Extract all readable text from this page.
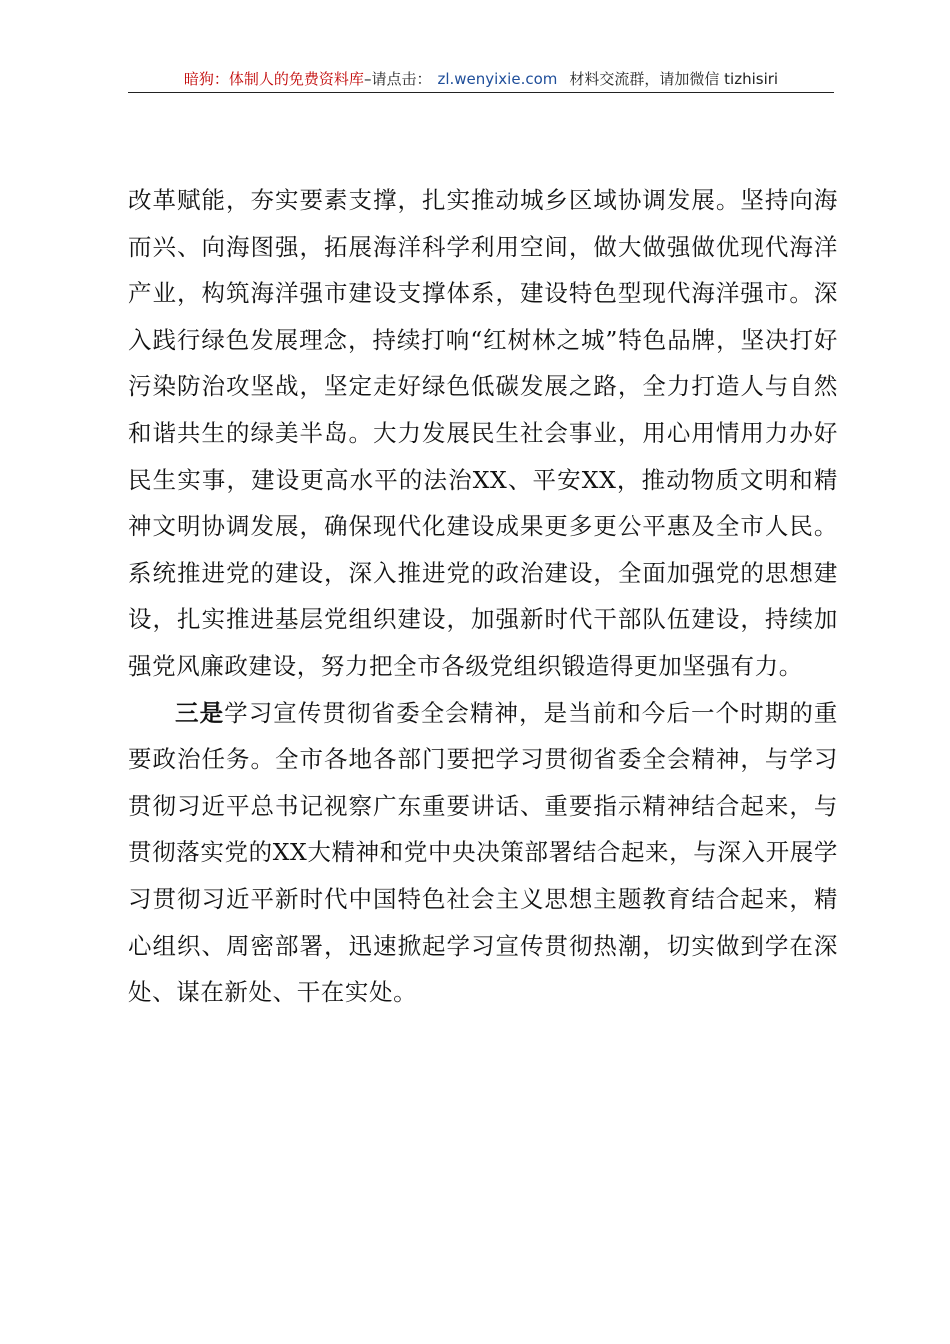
暗狗：体制人的免费资料库–请点击： zl.wenyixie.com 材料交流群，请加微信 tizhisiri

改革赋能，夯实要素支撑，扎实推动城乡区域协调发展。坚持向海而兴、向海图强，拓展海洋科学利用空间，做大做强做优现代海洋产业，构筑海洋强市建设支撑体系，建设特色型现代海洋强市。深入践行绿色发展理念，持续打响“红树林之城”特色品牌，坚决打好污染防治攻坚战，坚定走好绿色低碳发展之路，全力打造人与自然和谐共生的绿美半岛。大力发展民生社会事业，用心用情用力办好民生实事，建设更高水平的法治XX、平安XX，推动物质文明和精神文明协调发展，确保现代化建设成果更多更公平惠及全市人民。系统推进党的建设，深入推进党的政治建设，全面加强党的思想建设，扎实推进基层党组织建设，加强新时代干部队伍建设，持续加强党风廉政建设，努力把全市各级党组织锻造得更加坚强有力。

三是学习宣传贯彻省委全会精神，是当前和今后一个时期的重要政治任务。全市各地各部门要把学习贯彻省委全会精神，与学习贯彻习近平总书记视察广东重要讲话、重要指示精神结合起来，与贯彻落实党的XX大精神和党中央决策部署结合起来，与深入开展学习贯彻习近平新时代中国特色社会主义思想主题教育结合起来，精心组织、周密部署，迅速掀起学习宣传贯彻热潮，切实做到学在深处、谋在新处、干在实处。
